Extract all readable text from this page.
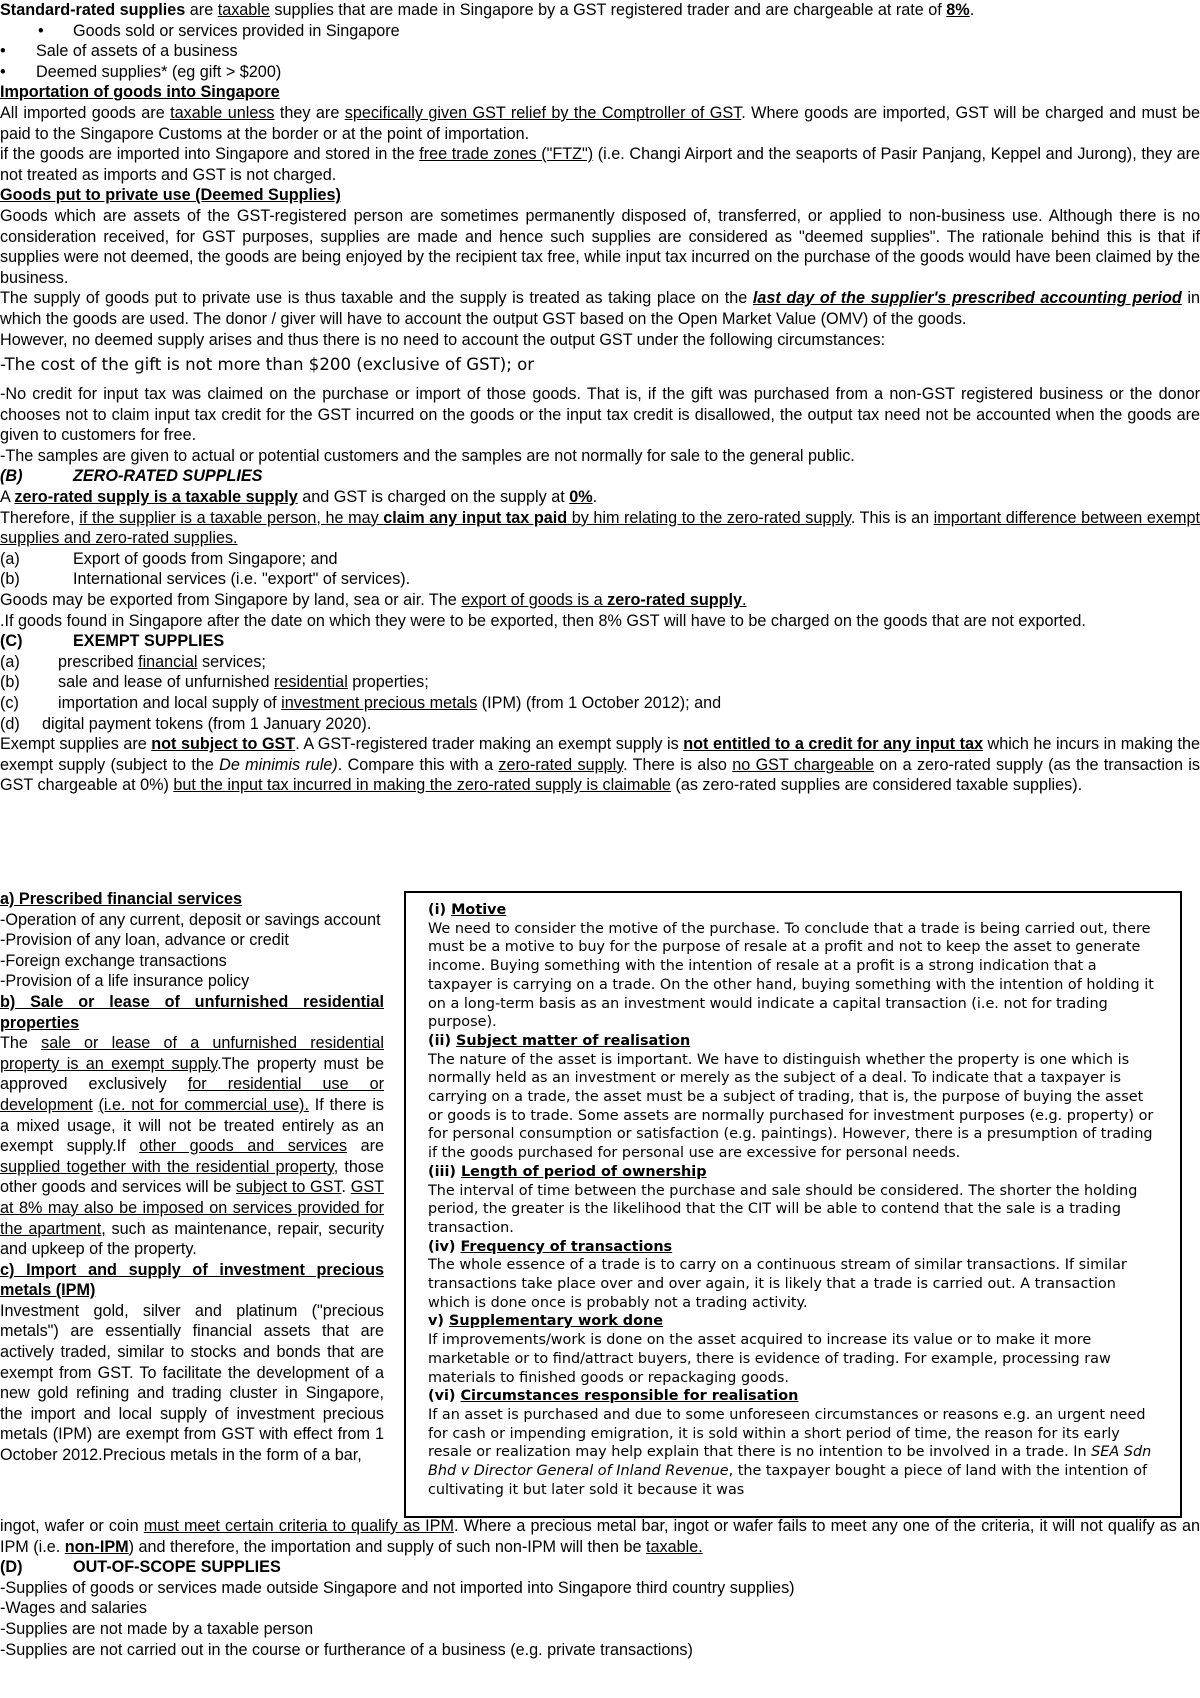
Standard-rated supplies are taxable supplies that are made in Singapore by a GST registered trader and are chargeable at rate of 8%.

• Goods sold or services provided in Singapore
• Sale of assets of a business
• Deemed supplies* (eg gift > $200)

Importation of goods into Singapore

All imported goods are taxable unless they are specifically given GST relief by the Comptroller of GST. Where goods are imported, GST will be charged and must be paid to the Singapore Customs at the border or at the point of importation.

if the goods are imported into Singapore and stored in the free trade zones ("FTZ") (i.e. Changi Airport and the seaports of Pasir Panjang, Keppel and Jurong), they are not treated as imports and GST is not charged.

Goods put to private use (Deemed Supplies)

Goods which are assets of the GST-registered person are sometimes permanently disposed of, transferred, or applied to non-business use. Although there is no consideration received, for GST purposes, supplies are made and hence such supplies are considered as "deemed supplies". The rationale behind this is that if supplies were not deemed, the goods are being enjoyed by the recipient tax free, while input tax incurred on the purchase of the goods would have been claimed by the business.

The supply of goods put to private use is thus taxable and the supply is treated as taking place on the last day of the supplier's prescribed accounting period in which the goods are used. The donor / giver will have to account the output GST based on the Open Market Value (OMV) of the goods.

However, no deemed supply arises and thus there is no need to account the output GST under the following circumstances:

-The cost of the gift is not more than $200 (exclusive of GST); or

-No credit for input tax was claimed on the purchase or import of those goods. That is, if the gift was purchased from a non-GST registered business or the donor chooses not to claim input tax credit for the GST incurred on the goods or the input tax credit is disallowed, the output tax need not be accounted when the goods are given to customers for free.

-The samples are given to actual or potential customers and the samples are not normally for sale to the general public.

(B)	ZERO-RATED SUPPLIES

A zero-rated supply is a taxable supply and GST is charged on the supply at 0%.

Therefore, if the supplier is a taxable person, he may claim any input tax paid by him relating to the zero-rated supply. This is an important difference between exempt supplies and zero-rated supplies.

(a)	Export of goods from Singapore; and

(b)	International services (i.e. "export" of services).

Goods may be exported from Singapore by land, sea or air. The export of goods is a zero-rated supply.

.If goods found in Singapore after the date on which they were to be exported, then 8% GST will have to be charged on the goods that are not exported.

(C)	EXEMPT SUPPLIES

(a) prescribed financial services;

(b) sale and lease of unfurnished residential properties;

(c) importation and local supply of investment precious metals (IPM) (from 1 October 2012); and

(d) digital payment tokens (from 1 January 2020).

Exempt supplies are not subject to GST. A GST-registered trader making an exempt supply is not entitled to a credit for any input tax which he incurs in making the exempt supply (subject to the De minimis rule). Compare this with a zero-rated supply. There is also no GST chargeable on a zero-rated supply (as the transaction is GST chargeable at 0%) but the input tax incurred in making the zero-rated supply is claimable (as zero-rated supplies are considered taxable supplies).

a) Prescribed financial services

-Operation of any current, deposit or savings account

-Provision of any loan, advance or credit

-Foreign exchange transactions

-Provision of a life insurance policy

b) Sale or lease of unfurnished residential properties

The sale or lease of a unfurnished residential property is an exempt supply.The property must be approved exclusively for residential use or development (i.e. not for commercial use). If there is a mixed usage, it will not be treated entirely as an exempt supply.If other goods and services are supplied together with the residential property, those other goods and services will be subject to GST. GST at 8% may also be imposed on services provided for the apartment, such as maintenance, repair, security and upkeep of the property.

c) Import and supply of investment precious metals (IPM)

Investment gold, silver and platinum ("precious metals") are essentially financial assets that are actively traded, similar to stocks and bonds that are exempt from GST. To facilitate the development of a new gold refining and trading cluster in Singapore, the import and local supply of investment precious metals (IPM) are exempt from GST with effect from 1 October 2012.Precious metals in the form of a bar,

(i) Motive

We need to consider the motive of the purchase. To conclude that a trade is being carried out, there must be a motive to buy for the purpose of resale at a profit and not to keep the asset to generate income. Buying something with the intention of resale at a profit is a strong indication that a taxpayer is carrying on a trade. On the other hand, buying something with the intention of holding it on a long-term basis as an investment would indicate a capital transaction (i.e. not for trading purpose).

(ii) Subject matter of realisation

The nature of the asset is important. We have to distinguish whether the property is one which is normally held as an investment or merely as the subject of a deal. To indicate that a taxpayer is carrying on a trade, the asset must be a subject of trading, that is, the purpose of buying the asset or goods is to trade. Some assets are normally purchased for investment purposes (e.g. property) or for personal consumption or satisfaction (e.g. paintings). However, there is a presumption of trading if the goods purchased for personal use are excessive for personal needs.

(iii) Length of period of ownership

The interval of time between the purchase and sale should be considered. The shorter the holding period, the greater is the likelihood that the CIT will be able to contend that the sale is a trading transaction.

(iv) Frequency of transactions

The whole essence of a trade is to carry on a continuous stream of similar transactions. If similar transactions take place over and over again, it is likely that a trade is carried out. A transaction which is done once is probably not a trading activity.

v) Supplementary work done

If improvements/work is done on the asset acquired to increase its value or to make it more marketable or to find/attract buyers, there is evidence of trading. For example, processing raw materials to finished goods or repackaging goods.

(vi) Circumstances responsible for realisation

If an asset is purchased and due to some unforeseen circumstances or reasons e.g. an urgent need for cash or impending emigration, it is sold within a short period of time, the reason for its early resale or realization may help explain that there is no intention to be involved in a trade. In SEA Sdn Bhd v Director General of Inland Revenue, the taxpayer bought a piece of land with the intention of cultivating it but later sold it because it was

ingot, wafer or coin must meet certain criteria to qualify as IPM. Where a precious metal bar, ingot or wafer fails to meet any one of the criteria, it will not qualify as an IPM (i.e. non-IPM) and therefore, the importation and supply of such non-IPM will then be taxable.

(D)	OUT-OF-SCOPE SUPPLIES

-Supplies of goods or services made outside Singapore and not imported into Singapore third country supplies)

-Wages and salaries

-Supplies are not made by a taxable person

-Supplies are not carried out in the course or furtherance of a business (e.g. private transactions)
